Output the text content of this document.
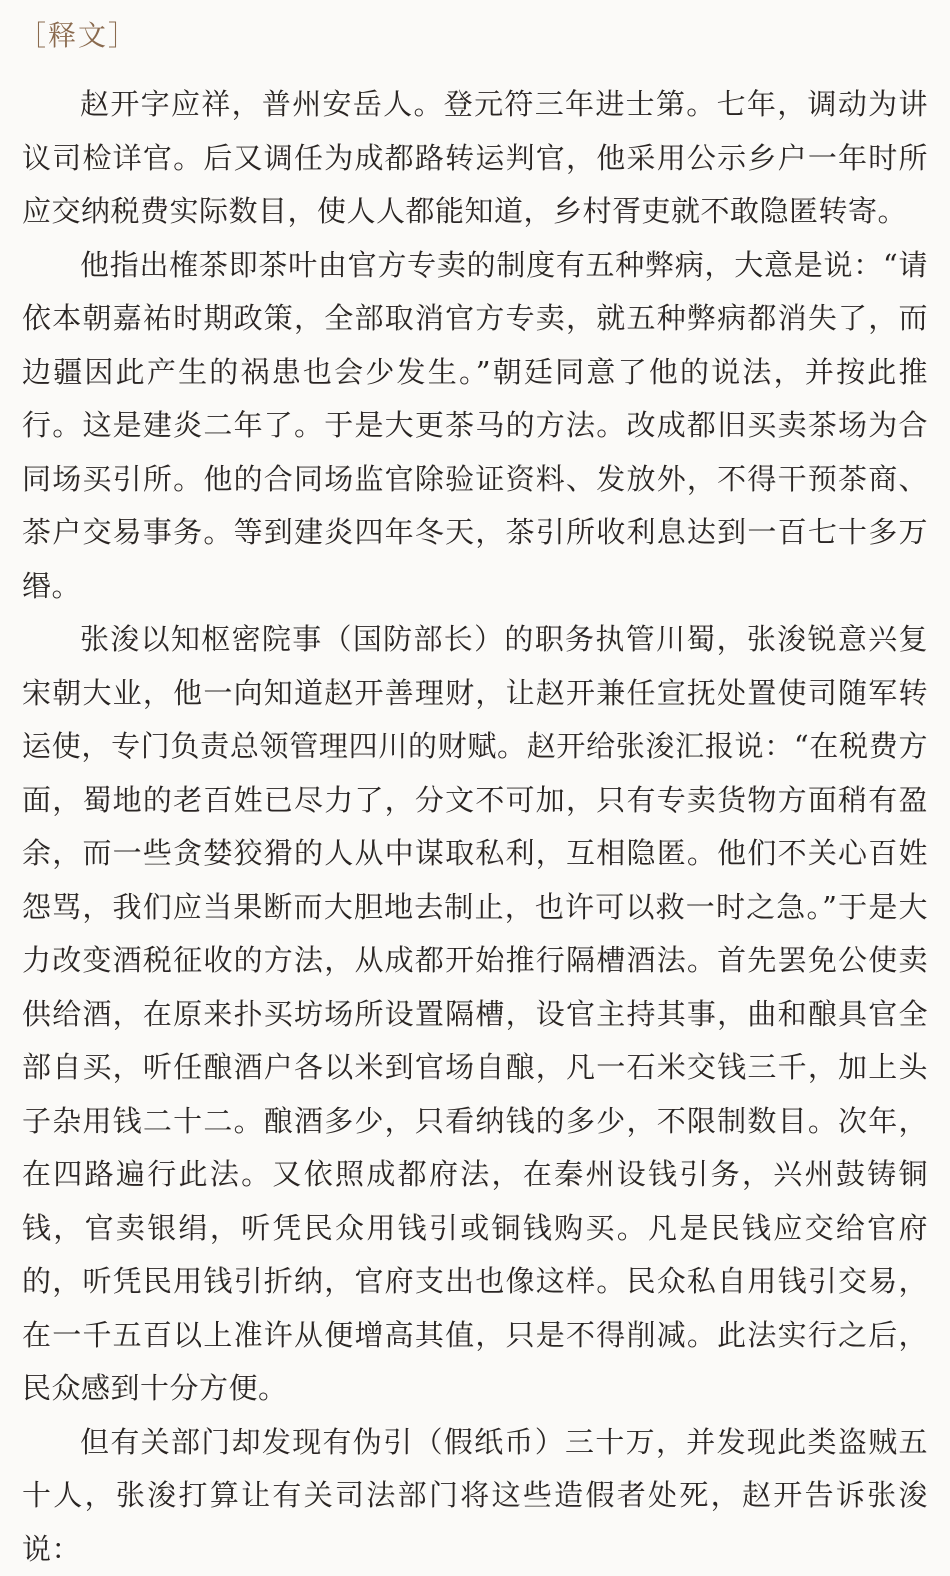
［释文］

赵开字应祥，普州安岳人。登元符三年进士第。七年，调动为讲议司检详官。后又调任为成都路转运判官，他采用公示乡户一年时所应交纳税费实际数目，使人人都能知道，乡村胥吏就不敢隐匿转寄。

他指出榷茶即茶叶由官方专卖的制度有五种弊病，大意是说：“请依本朝嘉祐时期政策，全部取消官方专卖，就五种弊病都消失了，而边疆因此产生的祸患也会少发生。”朝廷同意了他的说法，并按此推行。这是建炎二年了。于是大更茶马的方法。改成都旧买卖茶场为合同场买引所。他的合同场监官除验证资料、发放外，不得干预茶商、茶户交易事务。等到建炎四年冬天，茶引所收利息达到一百七十多万缗。

张浚以知枢密院事（国防部长）的职务执管川蜀，张浚锐意兴复宋朝大业，他一向知道赵开善理财，让赵开兼任宣抚处置使司随军转运使，专门负责总领管理四川的财赋。赵开给张浚汇报说：“在税费方面，蜀地的老百姓已尽力了，分文不可加，只有专卖货物方面稍有盈余，而一些贪婪狡猾的人从中谋取私利，互相隐匿。他们不关心百姓怨骂，我们应当果断而大胆地去制止，也许可以救一时之急。”于是大力改变酒税征收的方法，从成都开始推行隔槽酒法。首先罢免公使卖供给酒，在原来扑买坊场所设置隔槽，设官主持其事，曲和酿具官全部自买，听任酿酒户各以米到官场自酿，凡一石米交钱三千，加上头子杂用钱二十二。酿酒多少，只看纳钱的多少，不限制数目。次年，在四路遍行此法。又依照成都府法，在秦州设钱引务，兴州鼓铸铜钱，官卖银绢，听凭民众用钱引或铜钱购买。凡是民钱应交给官府的，听凭民用钱引折纳，官府支出也像这样。民众私自用钱引交易，在一千五百以上准许从便增高其值，只是不得削减。此法实行之后，民众感到十分方便。

但有关部门却发现有伪引（假纸币）三十万，并发现此类盗贼五十人，张浚打算让有关司法部门将这些造假者处死，赵开告诉张浚说：
